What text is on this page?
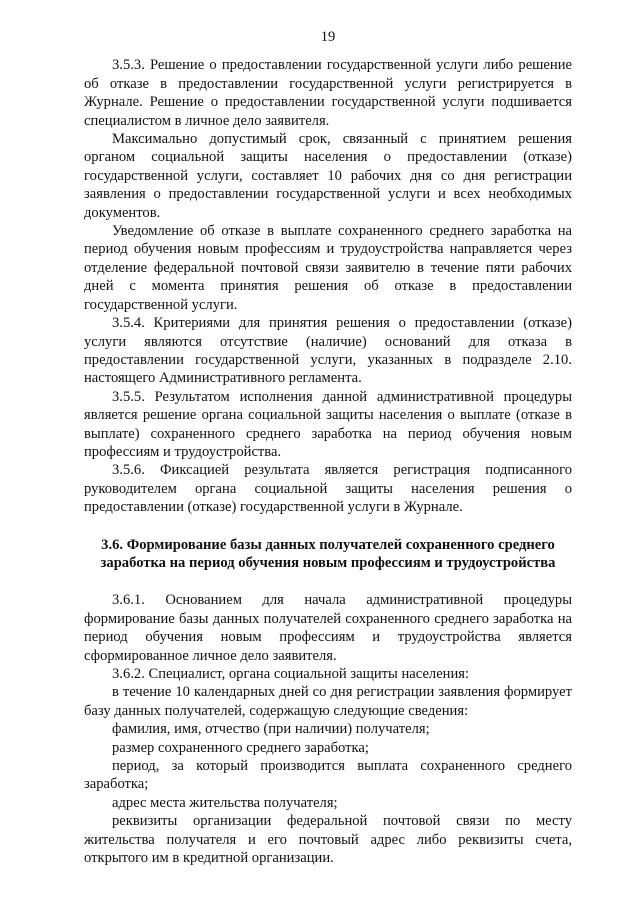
19

3.5.3. Решение о предоставлении государственной услуги либо решение об отказе в предоставлении государственной услуги регистрируется в Журнале. Решение о предоставлении государственной услуги подшивается специалистом в личное дело заявителя.

Максимально допустимый срок, связанный с принятием решения органом социальной защиты населения о предоставлении (отказе) государственной услуги, составляет 10 рабочих дня со дня регистрации заявления о предоставлении государственной услуги и всех необходимых документов.

Уведомление об отказе в выплате сохраненного среднего заработка на период обучения новым профессиям и трудоустройства направляется через отделение федеральной почтовой связи заявителю в течение пяти рабочих дней с момента принятия решения об отказе в предоставлении государственной услуги.

3.5.4. Критериями для принятия решения о предоставлении (отказе) услуги являются отсутствие (наличие) оснований для отказа в предоставлении государственной услуги, указанных в подразделе 2.10. настоящего Административного регламента.

3.5.5. Результатом исполнения данной административной процедуры является решение органа социальной защиты населения о выплате (отказе в выплате) сохраненного среднего заработка на период обучения новым профессиям и трудоустройства.

3.5.6. Фиксацией результата является регистрация подписанного руководителем органа социальной защиты населения решения о предоставлении (отказе) государственной услуги в Журнале.

3.6. Формирование базы данных получателей сохраненного среднего заработка на период обучения новым профессиям и трудоустройства

3.6.1. Основанием для начала административной процедуры формирование базы данных получателей сохраненного среднего заработка на период обучения новым профессиям и трудоустройства является сформированное личное дело заявителя.

3.6.2. Специалист, органа социальной защиты населения:

в течение 10 календарных дней со дня регистрации заявления формирует базу данных получателей, содержащую следующие сведения:

фамилия, имя, отчество (при наличии) получателя;

размер сохраненного среднего заработка;

период, за который производится выплата сохраненного среднего заработка;

адрес места жительства получателя;

реквизиты организации федеральной почтовой связи по месту жительства получателя и его почтовый адрес либо реквизиты счета, открытого им в кредитной организации.
